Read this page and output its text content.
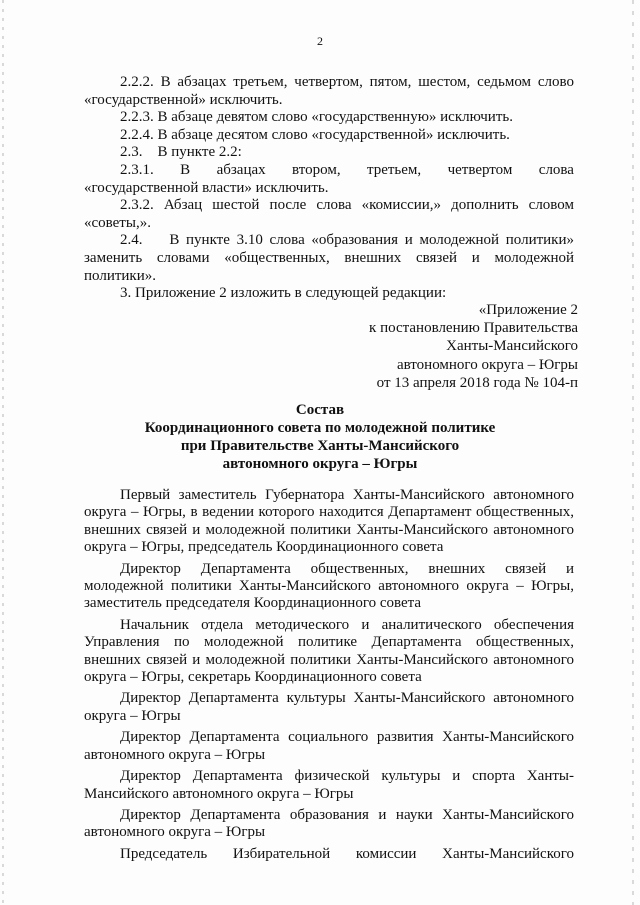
2

2.2.2. В абзацах третьем, четвертом, пятом, шестом, седьмом слово «государственной» исключить.

2.2.3. В абзаце девятом слово «государственную» исключить.

2.2.4. В абзаце десятом слово «государственной» исключить.

2.3.    В пункте 2.2:

2.3.1. В абзацах втором, третьем, четвертом слова

«государственной власти» исключить.

2.3.2. Абзац шестой после слова «комиссии,» дополнить словом «советы,».

2.4.    В пункте 3.10 слова «образования и молодежной политики» заменить словами «общественных, внешних связей и молодежной политики».

3. Приложение 2 изложить в следующей редакции:

«Приложение 2
к постановлению Правительства
Ханты-Мансийского
автономного округа – Югры
от 13 апреля 2018 года № 104-п
Состав
Координационного совета по молодежной политике
при Правительстве Ханты-Мансийского
автономного округа – Югры

Первый заместитель Губернатора Ханты-Мансийского автономного округа – Югры, в ведении которого находится Департамент общественных, внешних связей и молодежной политики Ханты-Мансийского автономного округа – Югры, председатель Координационного совета

Директор Департамента общественных, внешних связей и молодежной политики Ханты-Мансийского автономного округа – Югры, заместитель председателя Координационного совета

Начальник отдела методического и аналитического обеспечения Управления по молодежной политике Департамента общественных, внешних связей и молодежной политики Ханты-Мансийского автономного округа – Югры, секретарь Координационного совета

Директор Департамента культуры Ханты-Мансийского автономного округа – Югры

Директор Департамента социального развития Ханты-Мансийского автономного округа – Югры

Директор Департамента физической культуры и спорта Ханты-Мансийского автономного округа – Югры

Директор Департамента образования и науки Ханты-Мансийского автономного округа – Югры

Председатель Избирательной комиссии Ханты-Мансийского
